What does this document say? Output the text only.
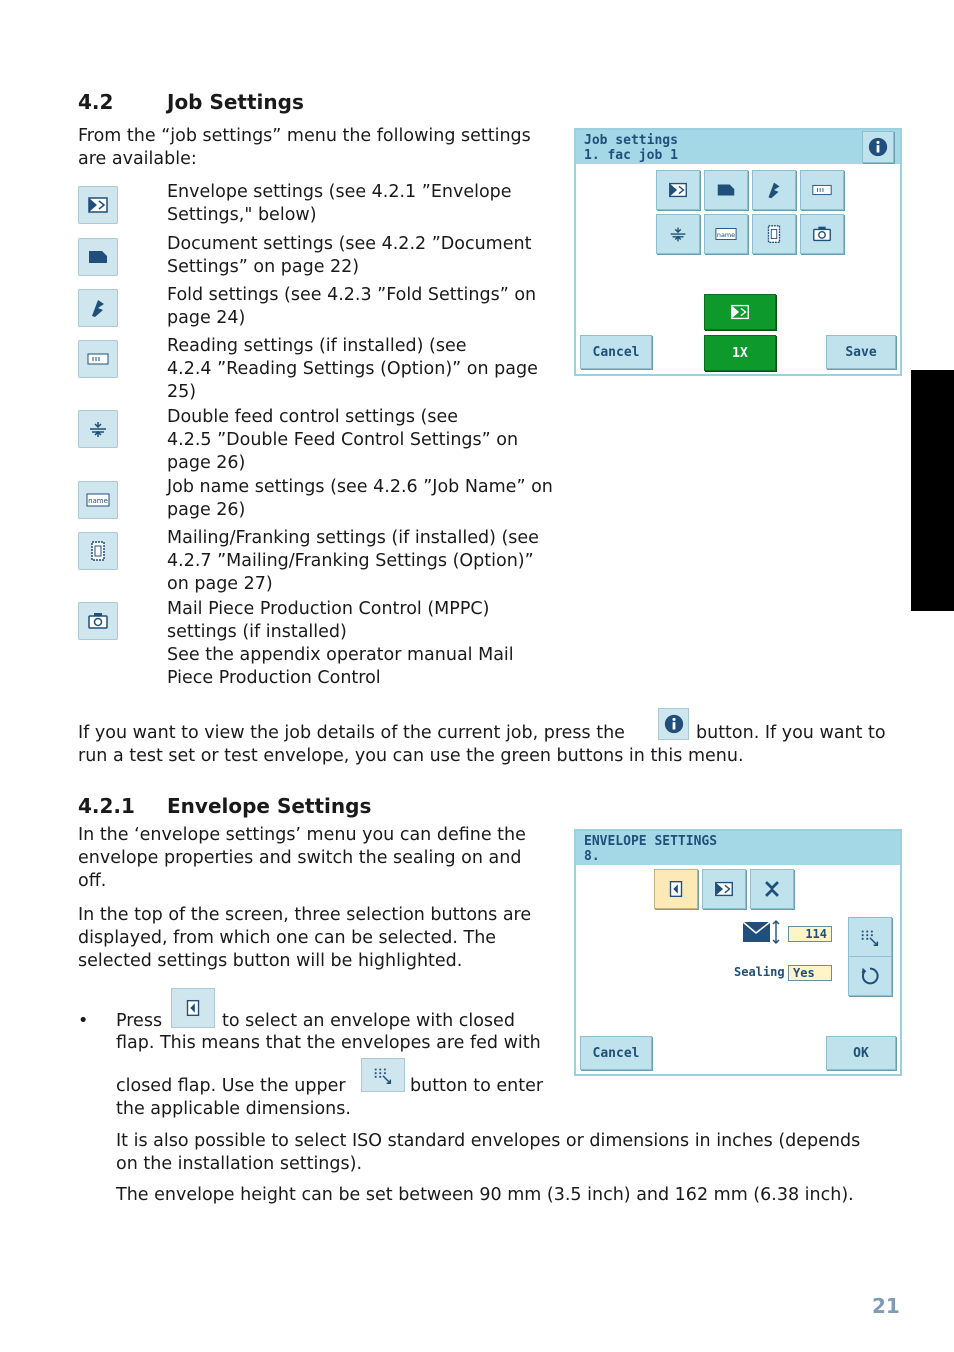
4.2	Job Settings

From the “job settings” menu the following settings

are available:

Envelope settings (see 4.2.1 ”Envelope
Settings," below)
Document settings (see 4.2.2 ”Document
Settings” on page 22)
Fold settings (see 4.2.3 ”Fold Settings” on
page 24)
Reading settings (if installed) (see
4.2.4 ”Reading Settings (Option)” on page
25)
Double feed control settings (see
4.2.5 ”Double Feed Control Settings” on
page 26)
name
Job name settings (see 4.2.6 ”Job Name” on
page 26)
Mailing/Franking settings (if installed) (see
4.2.7 ”Mailing/Franking Settings (Option)”
on page 27)
Mail Piece Production Control (MPPC)
settings (if installed)
See the appendix operator manual Mail
Piece Production Control
Job settings
1. fac job 1
name
1X
Cancel	Save

If you want to view the job details of the current job, press the	button. If you want to

run a test set or test envelope, you can use the green buttons in this menu.

4.2.1 Envelope Settings
In the ‘envelope settings’ menu you can define the
envelope properties and switch the sealing on and
off.
In the top of the screen, three selection buttons are
displayed, from which one can be selected. The
selected settings button will be highlighted.

• Press	to select an envelope with closed

flap. This means that the envelopes are fed with

closed flap. Use the upper	button to enter

the applicable dimensions.

It is also possible to select ISO standard envelopes or dimensions in inches (depends
on the installation settings).

The envelope height can be set between 90 mm (3.5 inch) and 162 mm (6.38 inch).

ENVELOPE SETTINGS
8.
114
Sealing Yes
Cancel	OK
21
